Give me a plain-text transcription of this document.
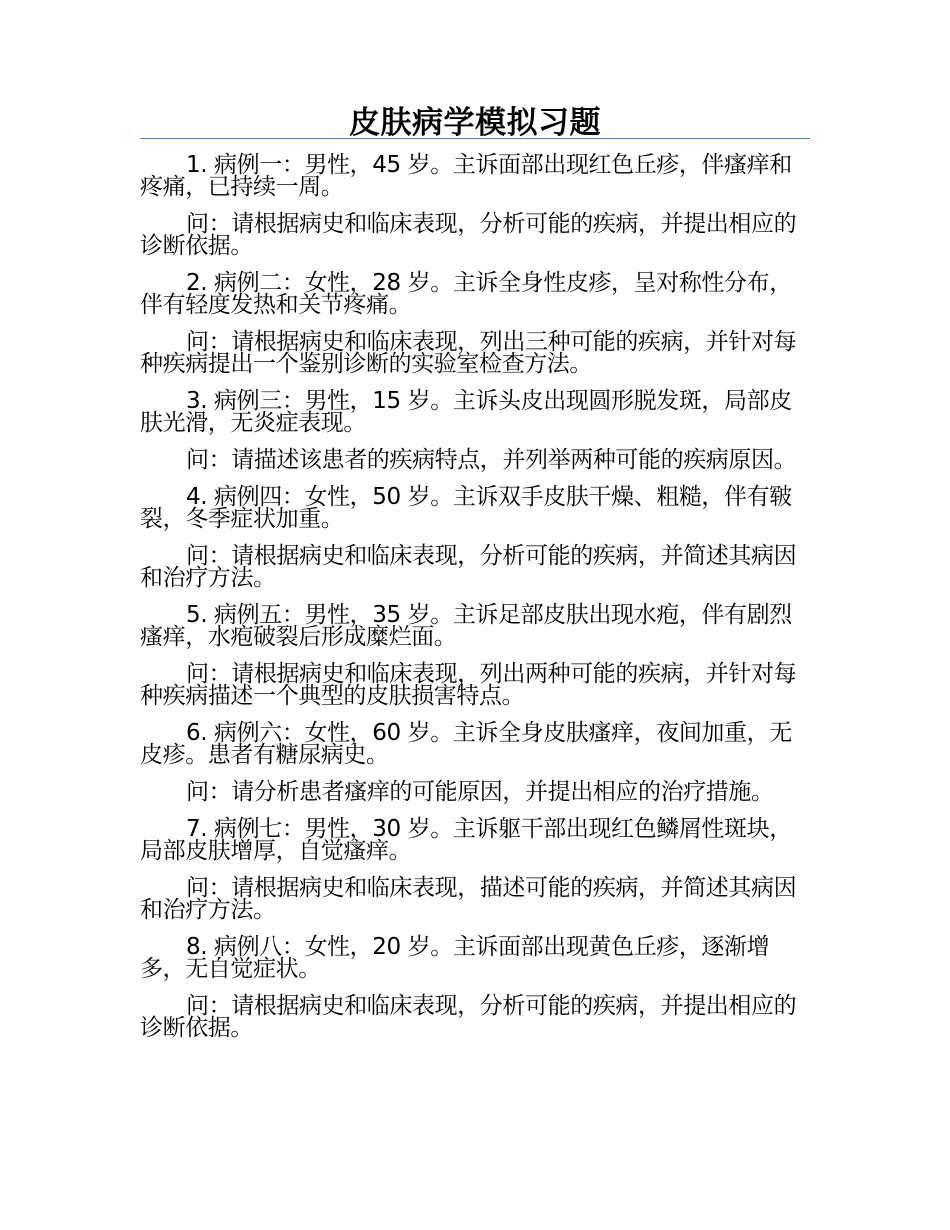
皮肤病学模拟习题

1. 病例一：男性，45 岁。主诉面部出现红色丘疹，伴瘙痒和疼痛，已持续一周。

问：请根据病史和临床表现，分析可能的疾病，并提出相应的诊断依据。

2. 病例二：女性，28 岁。主诉全身性皮疹，呈对称性分布，伴有轻度发热和关节疼痛。

问：请根据病史和临床表现，列出三种可能的疾病，并针对每种疾病提出一个鉴别诊断的实验室检查方法。

3. 病例三：男性，15 岁。主诉头皮出现圆形脱发斑，局部皮肤光滑，无炎症表现。

问：请描述该患者的疾病特点，并列举两种可能的疾病原因。

4. 病例四：女性，50 岁。主诉双手皮肤干燥、粗糙，伴有皲裂，冬季症状加重。

问：请根据病史和临床表现，分析可能的疾病，并简述其病因和治疗方法。

5. 病例五：男性，35 岁。主诉足部皮肤出现水疱，伴有剧烈瘙痒，水疱破裂后形成糜烂面。

问：请根据病史和临床表现，列出两种可能的疾病，并针对每种疾病描述一个典型的皮肤损害特点。

6. 病例六：女性，60 岁。主诉全身皮肤瘙痒，夜间加重，无皮疹。患者有糖尿病史。

问：请分析患者瘙痒的可能原因，并提出相应的治疗措施。

7. 病例七：男性，30 岁。主诉躯干部出现红色鳞屑性斑块，局部皮肤增厚，自觉瘙痒。

问：请根据病史和临床表现，描述可能的疾病，并简述其病因和治疗方法。

8. 病例八：女性，20 岁。主诉面部出现黄色丘疹，逐渐增多，无自觉症状。

问：请根据病史和临床表现，分析可能的疾病，并提出相应的诊断依据。
